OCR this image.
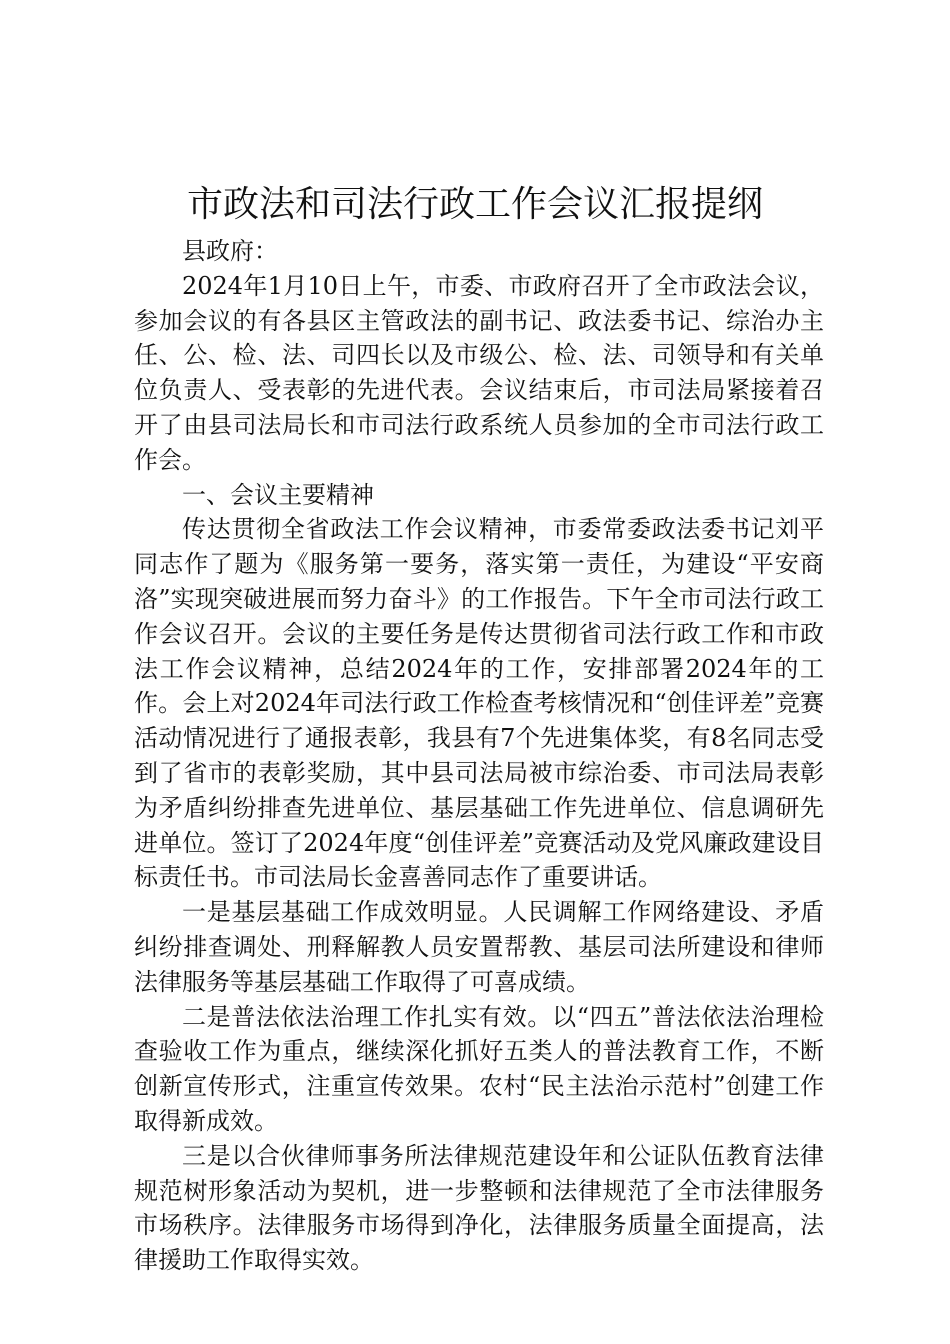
市政法和司法行政工作会议汇报提纲

县政府：

2024年1月10日上午，市委、市政府召开了全市政法会议，参加会议的有各县区主管政法的副书记、政法委书记、综治办主任、公、检、法、司四长以及市级公、检、法、司领导和有关单位负责人、受表彰的先进代表。会议结束后，市司法局紧接着召开了由县司法局长和市司法行政系统人员参加的全市司法行政工作会。

一、会议主要精神

传达贯彻全省政法工作会议精神，市委常委政法委书记刘平同志作了题为《服务第一要务，落实第一责任，为建设“平安商洛”实现突破进展而努力奋斗》的工作报告。下午全市司法行政工作会议召开。会议的主要任务是传达贯彻省司法行政工作和市政法工作会议精神，总结2024年的工作，安排部署2024年的工作。会上对2024年司法行政工作检查考核情况和“创佳评差”竞赛活动情况进行了通报表彰，我县有7个先进集体奖，有8名同志受到了省市的表彰奖励，其中县司法局被市综治委、市司法局表彰为矛盾纠纷排查先进单位、基层基础工作先进单位、信息调研先进单位。签订了2024年度“创佳评差”竞赛活动及党风廉政建设目标责任书。市司法局长金喜善同志作了重要讲话。

一是基层基础工作成效明显。人民调解工作网络建设、矛盾纠纷排查调处、刑释解教人员安置帮教、基层司法所建设和律师法律服务等基层基础工作取得了可喜成绩。

二是普法依法治理工作扎实有效。以“四五”普法依法治理检查验收工作为重点，继续深化抓好五类人的普法教育工作，不断创新宣传形式，注重宣传效果。农村“民主法治示范村”创建工作取得新成效。

三是以合伙律师事务所法律规范建设年和公证队伍教育法律规范树形象活动为契机，进一步整顿和法律规范了全市法律服务市场秩序。法律服务市场得到净化，法律服务质量全面提高，法律援助工作取得实效。
